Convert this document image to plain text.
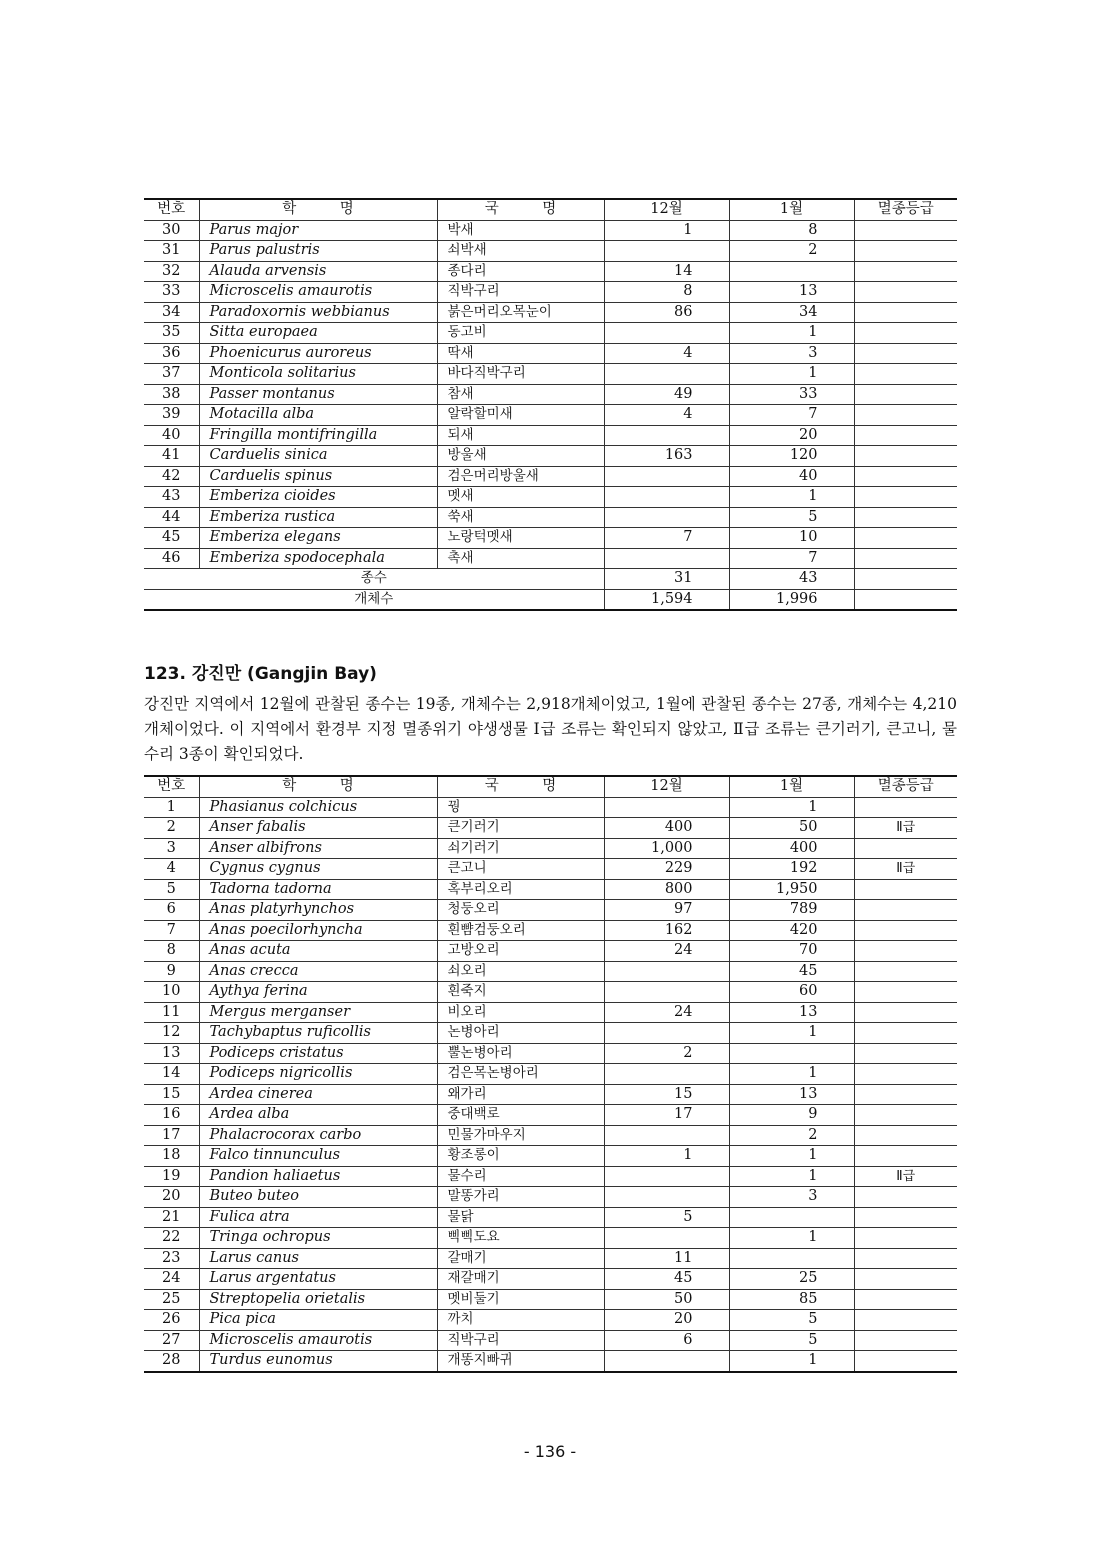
번호	학　　　명	국　　　명	12월	1월	멸종등급
30	Parus major	박새	1	8	
31	Parus palustris	쇠박새		2	
32	Alauda arvensis	종다리	14		
33	Microscelis amaurotis	직박구리	8	13	
34	Paradoxornis webbianus	붉은머리오목눈이	86	34	
35	Sitta europaea	동고비		1	
36	Phoenicurus auroreus	딱새	4	3	
37	Monticola solitarius	바다직박구리		1	
38	Passer montanus	참새	49	33	
39	Motacilla alba	알락할미새	4	7	
40	Fringilla montifringilla	되새		20	
41	Carduelis sinica	방울새	163	120	
42	Carduelis spinus	검은머리방울새		40	
43	Emberiza cioides	멧새		1	
44	Emberiza rustica	쑥새		5	
45	Emberiza elegans	노랑턱멧새	7	10	
46	Emberiza spodocephala	촉새		7	
종수			31	43	
개체수			1,594	1,996	
123. 강진만 (Gangjin Bay)

강진만 지역에서 12월에 관찰된 종수는 19종, 개체수는 2,918개체이었고, 1월에 관찰된 종수는 27종, 개체수는 4,210개체이었다. 이 지역에서 환경부 지정 멸종위기 야생생물 Ⅰ급 조류는 확인되지 않았고, Ⅱ급 조류는 큰기러기, 큰고니, 물수리 3종이 확인되었다.

번호	학　　　명	국　　　명	12월	1월	멸종등급
1	Phasianus colchicus	꿩		1	
2	Anser fabalis	큰기러기	400	50	Ⅱ급
3	Anser albifrons	쇠기러기	1,000	400	
4	Cygnus cygnus	큰고니	229	192	Ⅱ급
5	Tadorna tadorna	혹부리오리	800	1,950	
6	Anas platyrhynchos	청둥오리	97	789	
7	Anas poecilorhyncha	흰뺨검둥오리	162	420	
8	Anas acuta	고방오리	24	70	
9	Anas crecca	쇠오리		45	
10	Aythya ferina	흰죽지		60	
11	Mergus merganser	비오리	24	13	
12	Tachybaptus ruficollis	논병아리		1	
13	Podiceps cristatus	뿔논병아리	2		
14	Podiceps nigricollis	검은목논병아리		1	
15	Ardea cinerea	왜가리	15	13	
16	Ardea alba	중대백로	17	9	
17	Phalacrocorax carbo	민물가마우지		2	
18	Falco tinnunculus	황조롱이	1	1	
19	Pandion haliaetus	물수리		1	Ⅱ급
20	Buteo buteo	말똥가리		3	
21	Fulica atra	물닭	5		
22	Tringa ochropus	삑삑도요		1	
23	Larus canus	갈매기	11		
24	Larus argentatus	재갈매기	45	25	
25	Streptopelia orietalis	멧비둘기	50	85	
26	Pica pica	까치	20	5	
27	Microscelis amaurotis	직박구리	6	5	
28	Turdus eunomus	개똥지빠귀		1	
- 136 -
